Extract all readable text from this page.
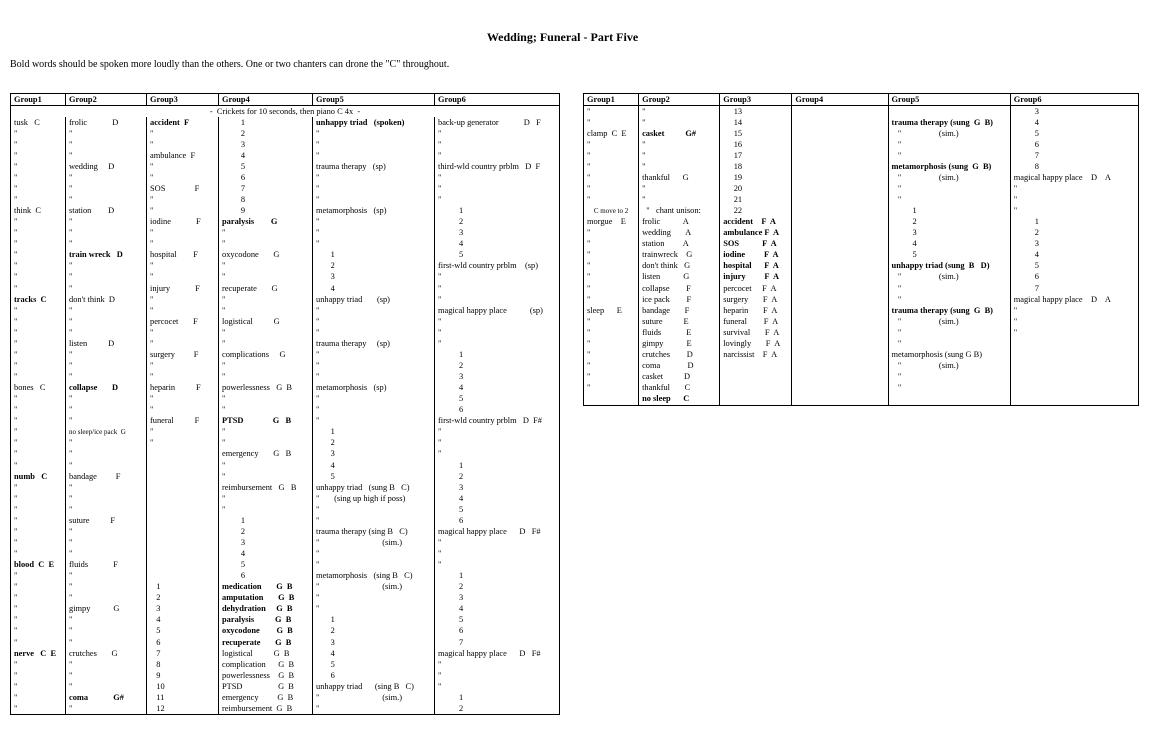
Wedding; Funeral - Part Five
Bold words should be spoken more loudly than the others. One or two chanters can drone the "C" throughout.
Group1	Group2	Group3	Group4	Group5	Group6
-  Crickets for 10 seconds, then piano C 4x  -					
tusk   C	frolic            D	accident  F	1	unhappy triad   (spoken)	back-up generator            D   F
"	"	"	2	"	"
"	"	"	3	"	"
"	"	ambulance  F	4	"	"
"	wedding     D	"	5	trauma therapy   (sp)	third-wld country prblm   D  F
"	"	"	6	"	"
"	"	SOS              F	7	"	"
"	"	"	8	"	"
think  C	station        D	"	9	metamorphosis   (sp)	1
"	"	iodine            F	paralysis        G	"	2
"	"	"	"	"	3
"	"	"	"	"	4
"	train wreck   D	hospital        F	oxycodone       G	1	5
"	"	"	"	2	first-wld country prblm    (sp)
"	"	"	"	3	"
"	"	injury            F	recuperate       G	4	"
tracks  C	don't think  D	"	"	unhappy triad       (sp)	"
"	"	"	"	"	magical happy place           (sp)
"	"	percocet       F	logistical          G	"	"
"	"	"	"	"	"
"	listen          D	"	"	trauma therapy     (sp)	"
"	"	surgery         F	complications     G	"	1
"	"	"	"	"	2
"	"	"	"	"	3
bones   C	collapse       D	heparin          F	powerlessness   G  B	metamorphosis   (sp)	4
"	"	"	"	"	5
"	"	"	"	"	6
"	"	funeral          F	PTSD              G   B	"	first-wld country prblm   D  F#
"	no sleep/ice pack  G	"	"	1	"
"	"	"	"	2	"
"	"		emergency       G   B	3	"
"	"		"	4	1
numb   C	bandage         F		"	5	2
"	"		reimbursement   G   B	unhappy triad   (sung B   C)	3
"	"		"	"       (sing up high if poss)	4
"	"		"	"	5
"	suture          F		1	"	6
"	"		2	trauma therapy (sing B   C)	magical happy place      D   F#
"	"		3	"                              (sim.)	"
"	"		4	"	"
blood  C  E	fluids            F		5	"	"
"	"		6	metamorphosis   (sing B   C)	1
"	"	1	medication       G  B	"                              (sim.)	2
"	"	2	amputation       G  B	"	3
"	gimpy           G	3	dehydration     G  B	"	4
"	"	4	paralysis          G  B	1	5
"	"	5	oxycodone        G  B	2	6
"	"	6	recuperate       G  B	3	7
nerve   C  E	crutches       G	7	logistical          G  B	4	magical happy place      D   F#
"	"	8	complication      G  B	5	"
"	"	9	powerlessness    G  B	6	"
"	"	10	PTSD                 G  B	unhappy triad      (sing B   C)	"
"	coma            G#	11	emergency         G  B	"                              (sim.)	1
"	"	12	reimbursement  G  B	"	2
Group1	Group2	Group3	Group4	Group5	Group6
"	"	13			3
"	"	14		trauma therapy (sung  G  B)	4
clamp  C  E	casket          G#	15		"                  (sim.)	5
"	"	16		"	6
"	"	17		"	7
"	"	18		metamorphosis (sung  G  B)	8
"	thankful      G	19		"                  (sim.)	magical happy place    D    A
"	"	20		"	"
"	"	21		"	"
C move to 2	"   chant unison:	22		1	"
morgue    E	frolic           A	accident    F  A		2	1
"	wedding       A	ambulance F  A		3	2
"	station         A	SOS           F  A		4	3
"	trainwreck    G	iodine         F  A		5	4
"	don't think   G	hospital      F  A		unhappy triad (sung  B   D)	5
"	listen           G	injury         F  A		"                  (sim.)	6
"	collapse        F	percocet     F  A		"	7
"	ice pack        F	surgery       F  A		"	magical happy place    D    A
sleep      E	bandage       F	heparin       F  A		trauma therapy (sung  G  B)	"
"	suture          E	funeral        F  A		"                  (sim.)	"
"	fluids            E	survival       F  A		"	"
"	gimpy           E	lovingly       F  A		"	
"	crutches        D	narcissist    F  A		metamorphosis (sung G B)	
"	coma             D			"                  (sim.)	
"	casket          D			"	
"	thankful       C			"	
	no sleep      C				
